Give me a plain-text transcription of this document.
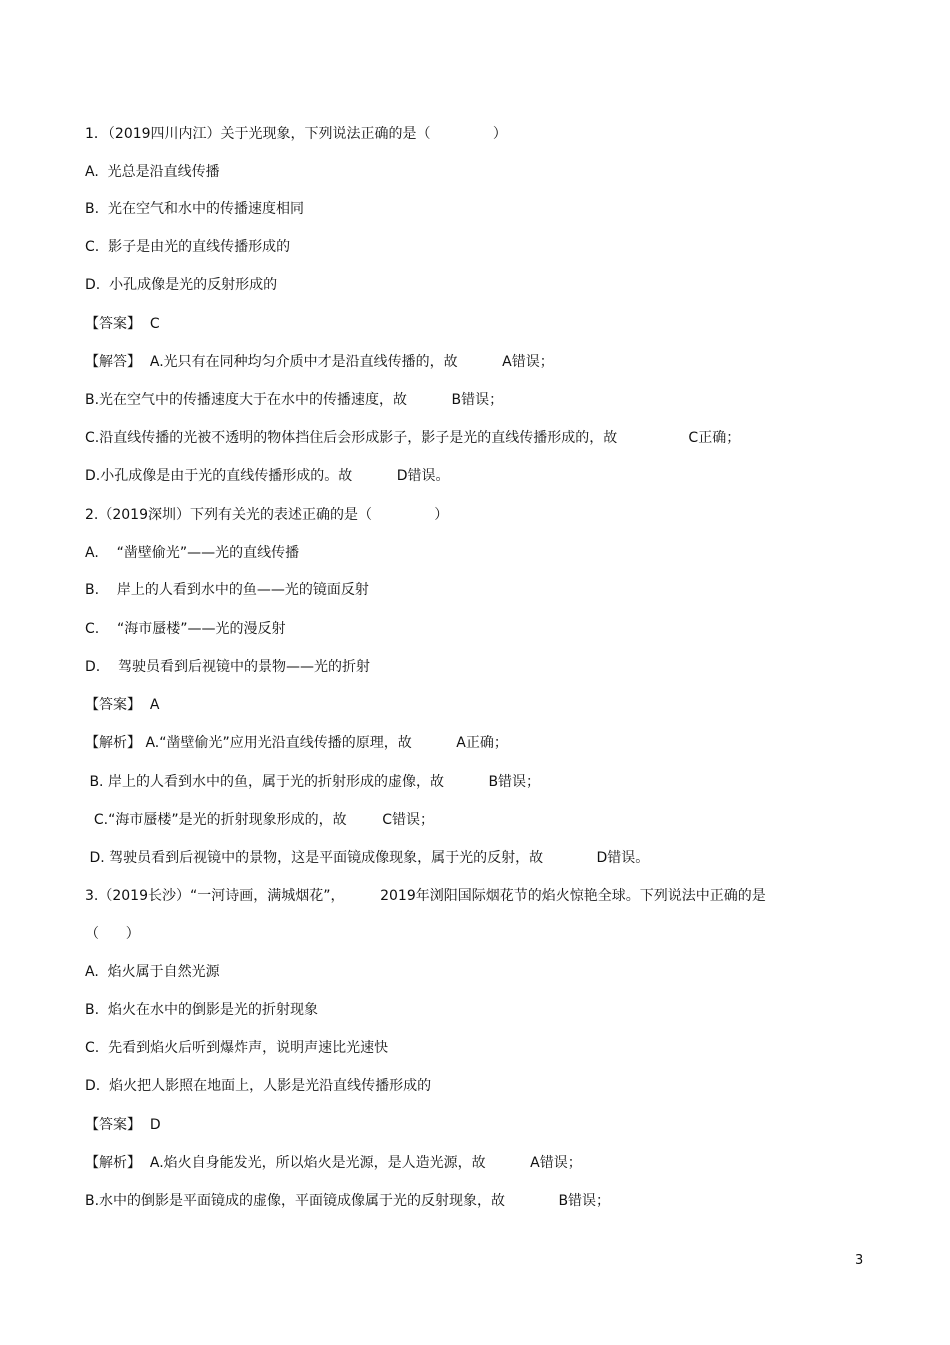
1．（2019四川内江）关于光现象，下列说法正确的是（              ）
A.  光总是沿直线传播
B.  光在空气和水中的传播速度相同
C.  影子是由光的直线传播形成的
D.  小孔成像是光的反射形成的
【答案】  C
【解答】  A.光只有在同种均匀介质中才是沿直线传播的，故          A错误；
B.光在空气中的传播速度大于在水中的传播速度，故          B错误；
C.沿直线传播的光被不透明的物体挡住后会形成影子，影子是光的直线传播形成的，故                C正确；
D.小孔成像是由于光的直线传播形成的。故          D错误。
2.（2019深圳）下列有关光的表述正确的是（              ）
A.    “凿壁偷光”——光的直线传播
B.    岸上的人看到水中的鱼——光的镜面反射
C.    “海市蜃楼”——光的漫反射
D.    驾驶员看到后视镜中的景物——光的折射
【答案】  A
【解析】 A.“凿壁偷光”应用光沿直线传播的原理，故          A正确；
B. 岸上的人看到水中的鱼，属于光的折射形成的虚像，故          B错误；
C.“海市蜃楼”是光的折射现象形成的，故        C错误；
D. 驾驶员看到后视镜中的景物，这是平面镜成像现象，属于光的反射，故            D错误。
3.（2019长沙）“一河诗画，满城烟花”，        2019年浏阳国际烟花节的焰火惊艳全球。下列说法中正确的是
（      ）
A.  焰火属于自然光源
B.  焰火在水中的倒影是光的折射现象
C.  先看到焰火后听到爆炸声，说明声速比光速快
D.  焰火把人影照在地面上，人影是光沿直线传播形成的
【答案】  D
【解析】  A.焰火自身能发光，所以焰火是光源，是人造光源，故          A错误；
B.水中的倒影是平面镜成的虚像，平面镜成像属于光的反射现象，故            B错误；
3
